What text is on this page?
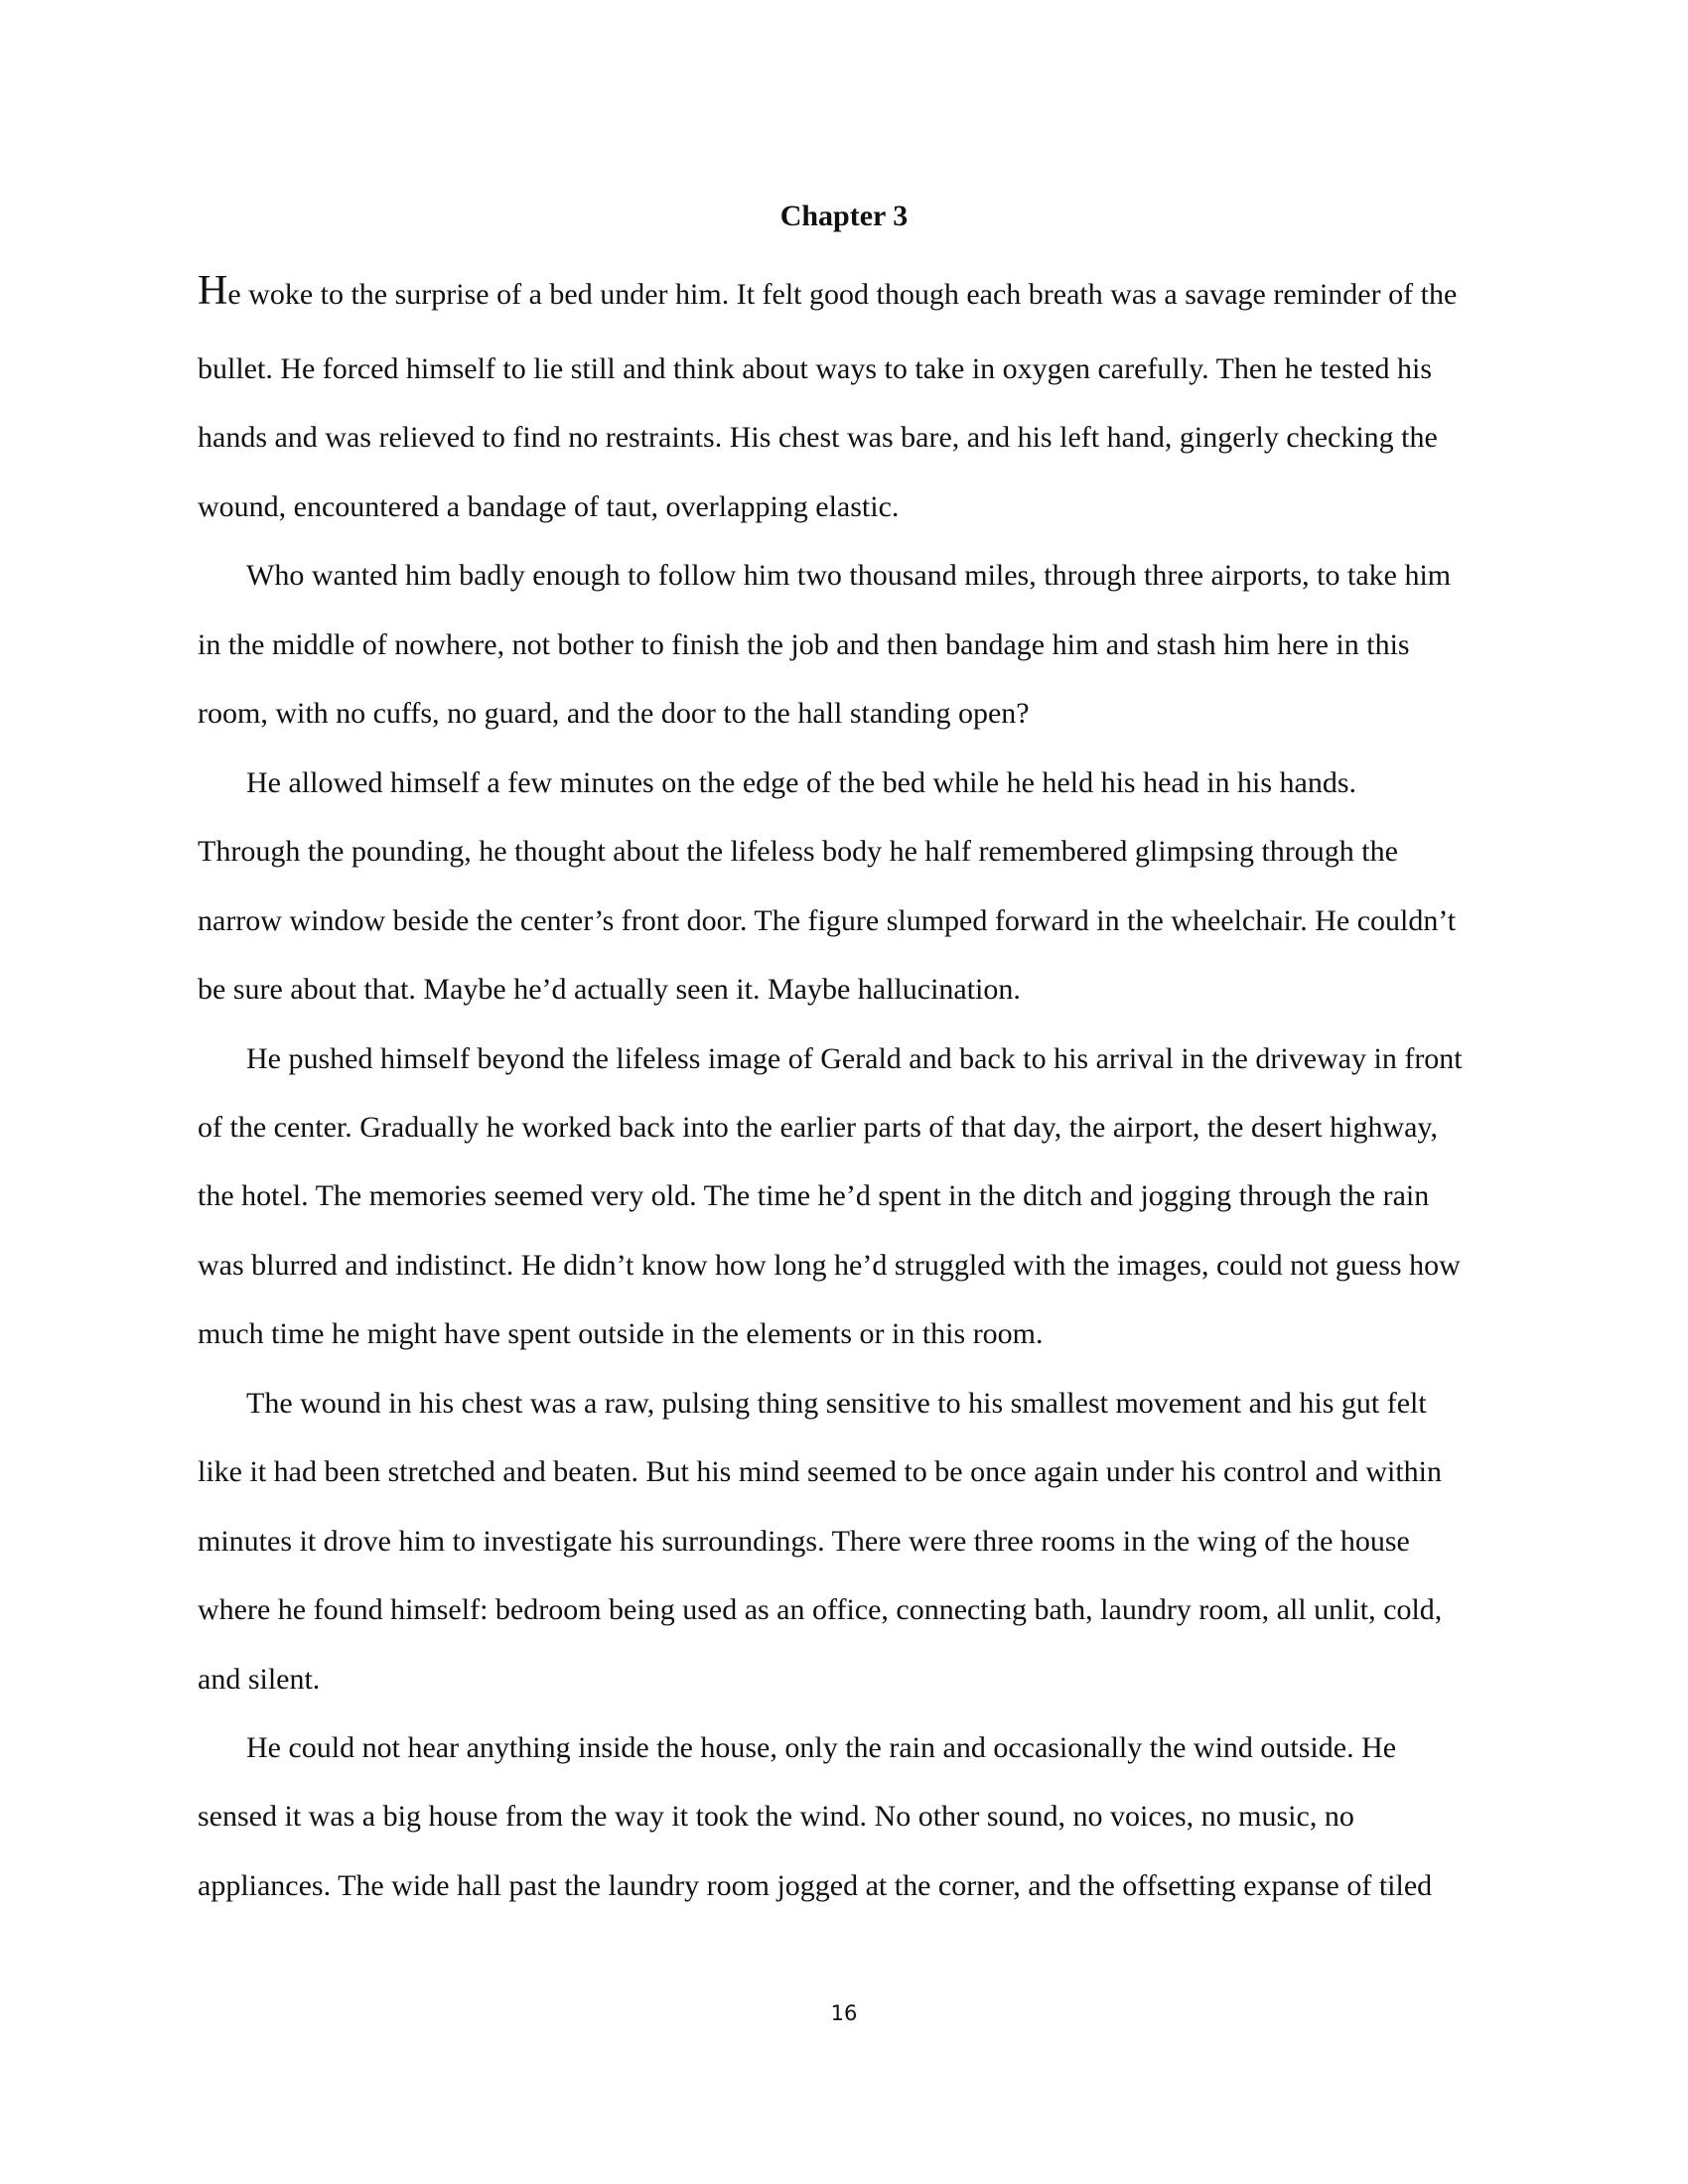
Chapter 3
He woke to the surprise of a bed under him. It felt good though each breath was a savage reminder of the
bullet. He forced himself to lie still and think about ways to take in oxygen carefully. Then he tested his
hands and was relieved to find no restraints. His chest was bare, and his left hand, gingerly checking the
wound, encountered a bandage of taut, overlapping elastic.
Who wanted him badly enough to follow him two thousand miles, through three airports, to take him
in the middle of nowhere, not bother to finish the job and then bandage him and stash him here in this
room, with no cuffs, no guard, and the door to the hall standing open?
He allowed himself a few minutes on the edge of the bed while he held his head in his hands.
Through the pounding, he thought about the lifeless body he half remembered glimpsing through the
narrow window beside the center’s front door. The figure slumped forward in the wheelchair. He couldn’t
be sure about that. Maybe he’d actually seen it. Maybe hallucination.
He pushed himself beyond the lifeless image of Gerald and back to his arrival in the driveway in front
of the center. Gradually he worked back into the earlier parts of that day, the airport, the desert highway,
the hotel. The memories seemed very old. The time he’d spent in the ditch and jogging through the rain
was blurred and indistinct. He didn’t know how long he’d struggled with the images, could not guess how
much time he might have spent outside in the elements or in this room.
The wound in his chest was a raw, pulsing thing sensitive to his smallest movement and his gut felt
like it had been stretched and beaten. But his mind seemed to be once again under his control and within
minutes it drove him to investigate his surroundings. There were three rooms in the wing of the house
where he found himself: bedroom being used as an office, connecting bath, laundry room, all unlit, cold,
and silent.
He could not hear anything inside the house, only the rain and occasionally the wind outside. He
sensed it was a big house from the way it took the wind. No other sound, no voices, no music, no
appliances. The wide hall past the laundry room jogged at the corner, and the offsetting expanse of tiled
16
